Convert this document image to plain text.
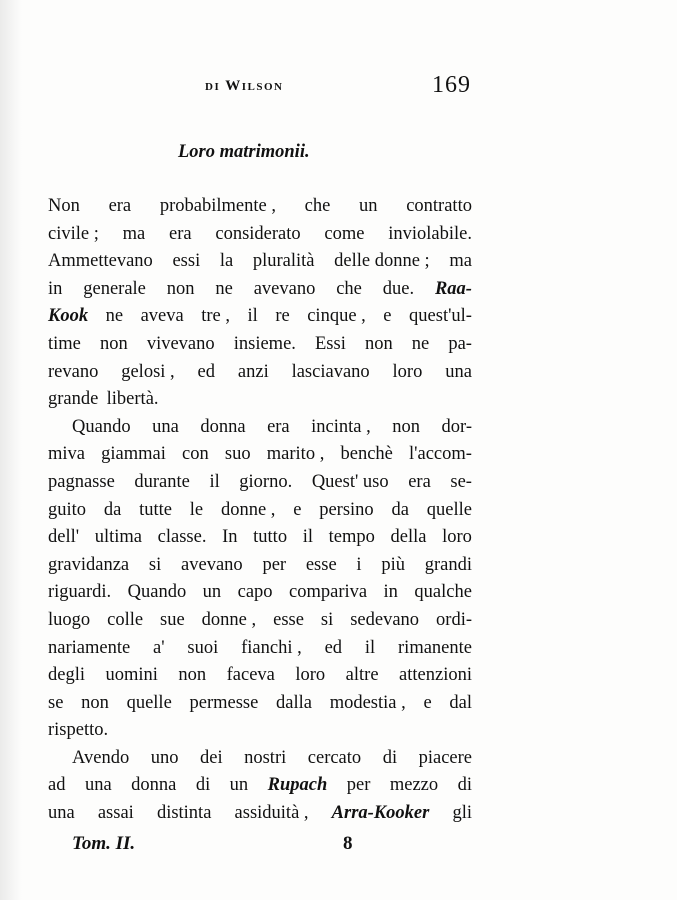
di Wilson	169
Loro matrimonii.
Non era probabilmente , che un contratto
civile ; ma era considerato come inviolabile.
Ammettevano essi la pluralità delle donne ; ma
in generale non ne avevano che due. Raa-
Kook ne aveva tre , il re cinque , e quest'ul-
time non vivevano insieme. Essi non ne pa-
revano gelosi , ed anzi lasciavano loro una
grande libertà.
Quando una donna era incinta , non dor-
miva giammai con suo marito , benchè l'accom-
pagnasse durante il giorno. Quest' uso era se-
guito da tutte le donne , e persino da quelle
dell' ultima classe. In tutto il tempo della loro
gravidanza si avevano per esse i più grandi
riguardi. Quando un capo compariva in qualche
luogo colle sue donne , esse si sedevano ordi-
nariamente a' suoi fianchi , ed il rimanente
degli uomini non faceva loro altre attenzioni
se non quelle permesse dalla modestia , e dal
rispetto.
Avendo uno dei nostri cercato di piacere
ad una donna di un Rupach per mezzo di
una assai distinta assiduità , Arra-Kooker gli
Tom. II.	8
